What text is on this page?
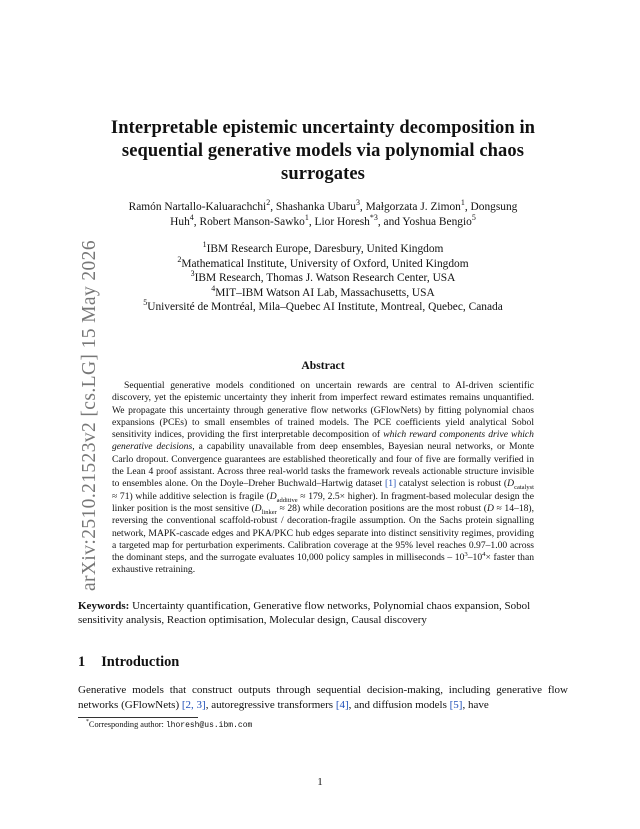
arXiv:2510.21523v2 [cs.LG] 15 May 2026
Interpretable epistemic uncertainty decomposition in sequential generative models via polynomial chaos surrogates
Ramón Nartallo-Kaluarachchi$^2$, Shashanka Ubaru$^3$, Małgorzata J. Zimon$^1$, Dongsung
Huh$^4$, Robert Manson-Sawko$^1$, Lior Horesh$^{*3}$, and Yoshua Bengio$^5$
$^1$IBM Research Europe, Daresbury, United Kingdom
$^2$Mathematical Institute, University of Oxford, United Kingdom
$^3$IBM Research, Thomas J. Watson Research Center, USA
$^4$MIT–IBM Watson AI Lab, Massachusetts, USA
$^5$Université de Montréal, Mila–Quebec AI Institute, Montreal, Quebec, Canada
Abstract
Sequential generative models conditioned on uncertain rewards are central to AI-driven scientific discovery, yet the epistemic uncertainty they inherit from imperfect reward estimates remains unquantified. We propagate this uncertainty through generative flow networks (GFlowNets) by fitting polynomial chaos expansions (PCEs) to small ensembles of trained models. The PCE coefficients yield analytical Sobol sensitivity indices, providing the first interpretable decomposition of which reward components drive which generative decisions, a capability unavailable from deep ensembles, Bayesian neural networks, or Monte Carlo dropout. Convergence guarantees are established theoretically and four of five are formally verified in the Lean 4 proof assistant. Across three real-world tasks the framework reveals actionable structure invisible to ensembles alone. On the Doyle–Dreher Buchwald–Hartwig dataset [1] catalyst selection is robust $(D_{catalyst} \approx 71)$ while additive selection is fragile ($D_{additive} \approx 179$, 2.5× higher). In fragment-based molecular design the linker position is the most sensitive $(D_{linker} \approx 28)$ while decoration positions are the most robust (D ≈ 14–18), reversing the conventional scaffold-robust / decoration-fragile assumption. On the Sachs protein signalling network, MAPK-cascade edges and PKA/PKC hub edges separate into distinct sensitivity regimes, providing a targeted map for perturbation experiments. Calibration coverage at the 95% level reaches 0.97–1.00 across the dominant steps, and the surrogate evaluates 10,000 policy samples in milliseconds – $10^3-10^4\times$ faster than exhaustive retraining.
Keywords: Uncertainty quantification, Generative flow networks, Polynomial chaos expansion, Sobol sensitivity analysis, Reaction optimisation, Molecular design, Causal discovery
1 Introduction
Generative models that construct outputs through sequential decision-making, including generative flow networks (GFlowNets) [2, 3], autoregressive transformers [4], and diffusion models [5], have
*Corresponding author: lhoresh@us.ibm.com
1
